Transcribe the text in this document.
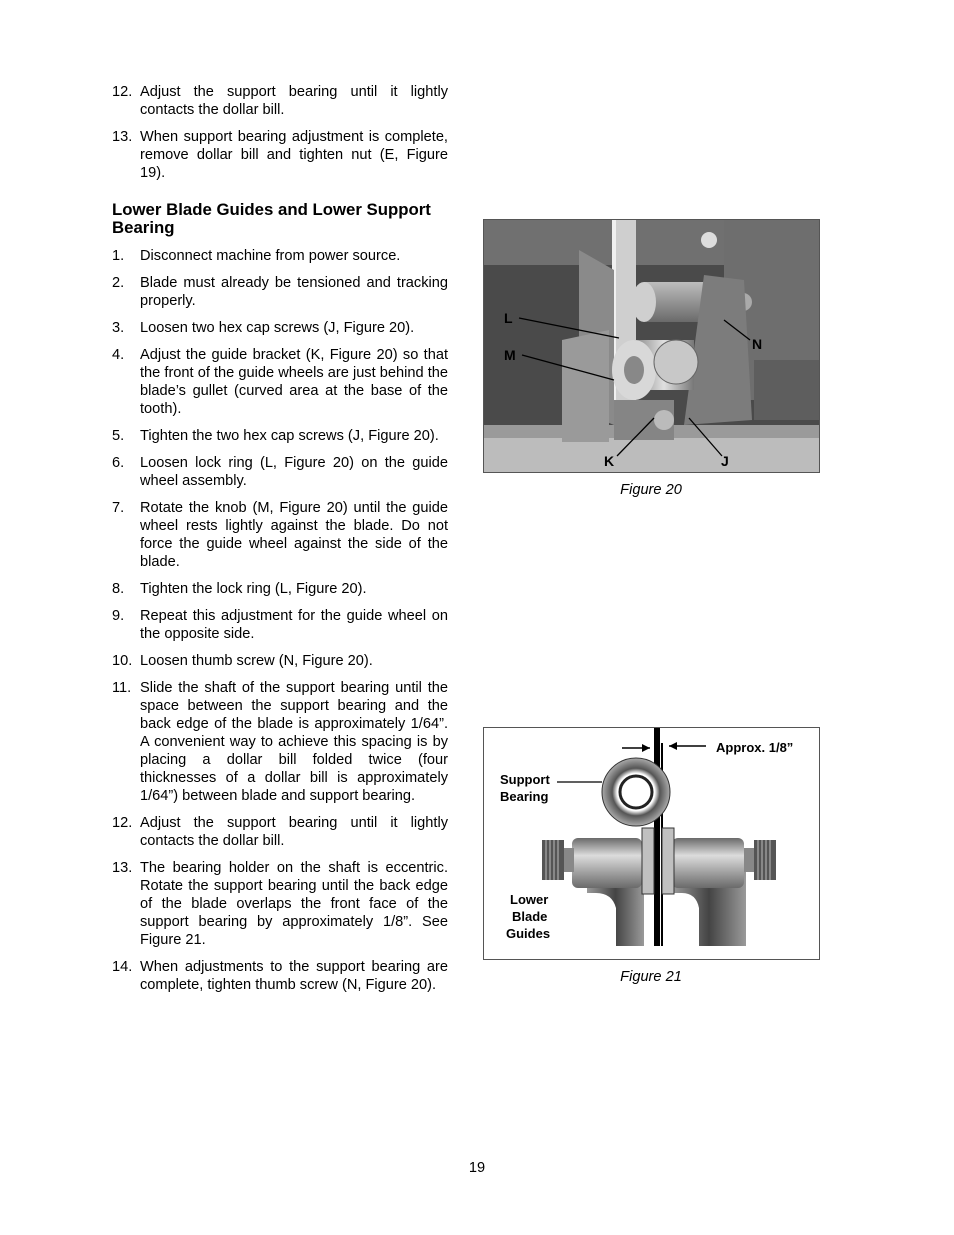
12. Adjust the support bearing until it lightly contacts the dollar bill.
13. When support bearing adjustment is complete, remove dollar bill and tighten nut (E, Figure 19).
Lower Blade Guides and Lower Support Bearing
1.	Disconnect machine from power source.
2.	Blade must already be tensioned and tracking properly.
3.	Loosen two hex cap screws (J, Figure 20).
4.	Adjust the guide bracket (K, Figure 20) so that the front of the guide wheels are just behind the blade’s gullet (curved area at the base of the tooth).
5.	Tighten the two hex cap screws (J, Figure 20).
6.	Loosen lock ring (L, Figure 20) on the guide wheel assembly.
7.	Rotate the knob (M, Figure 20) until the guide wheel rests lightly against the blade. Do not force the guide wheel against the side of the blade.
8.	Tighten the lock ring (L, Figure 20).
9.	Repeat this adjustment for the guide wheel on the opposite side.
10. Loosen thumb screw (N, Figure 20).
11. Slide the shaft of the support bearing until the space between the support bearing and the back edge of the blade is approximately 1/64”. A convenient way to achieve this spacing is by placing a dollar bill folded twice (four thicknesses of a dollar bill is approximately 1/64”) between blade and support bearing.
12. Adjust the support bearing until it lightly contacts the dollar bill.
13. The bearing holder on the shaft is eccentric. Rotate the support bearing until the back edge of the blade overlaps the front face of the support bearing by approximately 1/8”. See Figure 21.
14. When adjustments to the support bearing are complete, tighten thumb screw (N, Figure 20).
L
M
N
K	J
Figure 20
Approx. 1/8”
Support
Bearing
Lower
Blade
Guides
Figure 21
19
